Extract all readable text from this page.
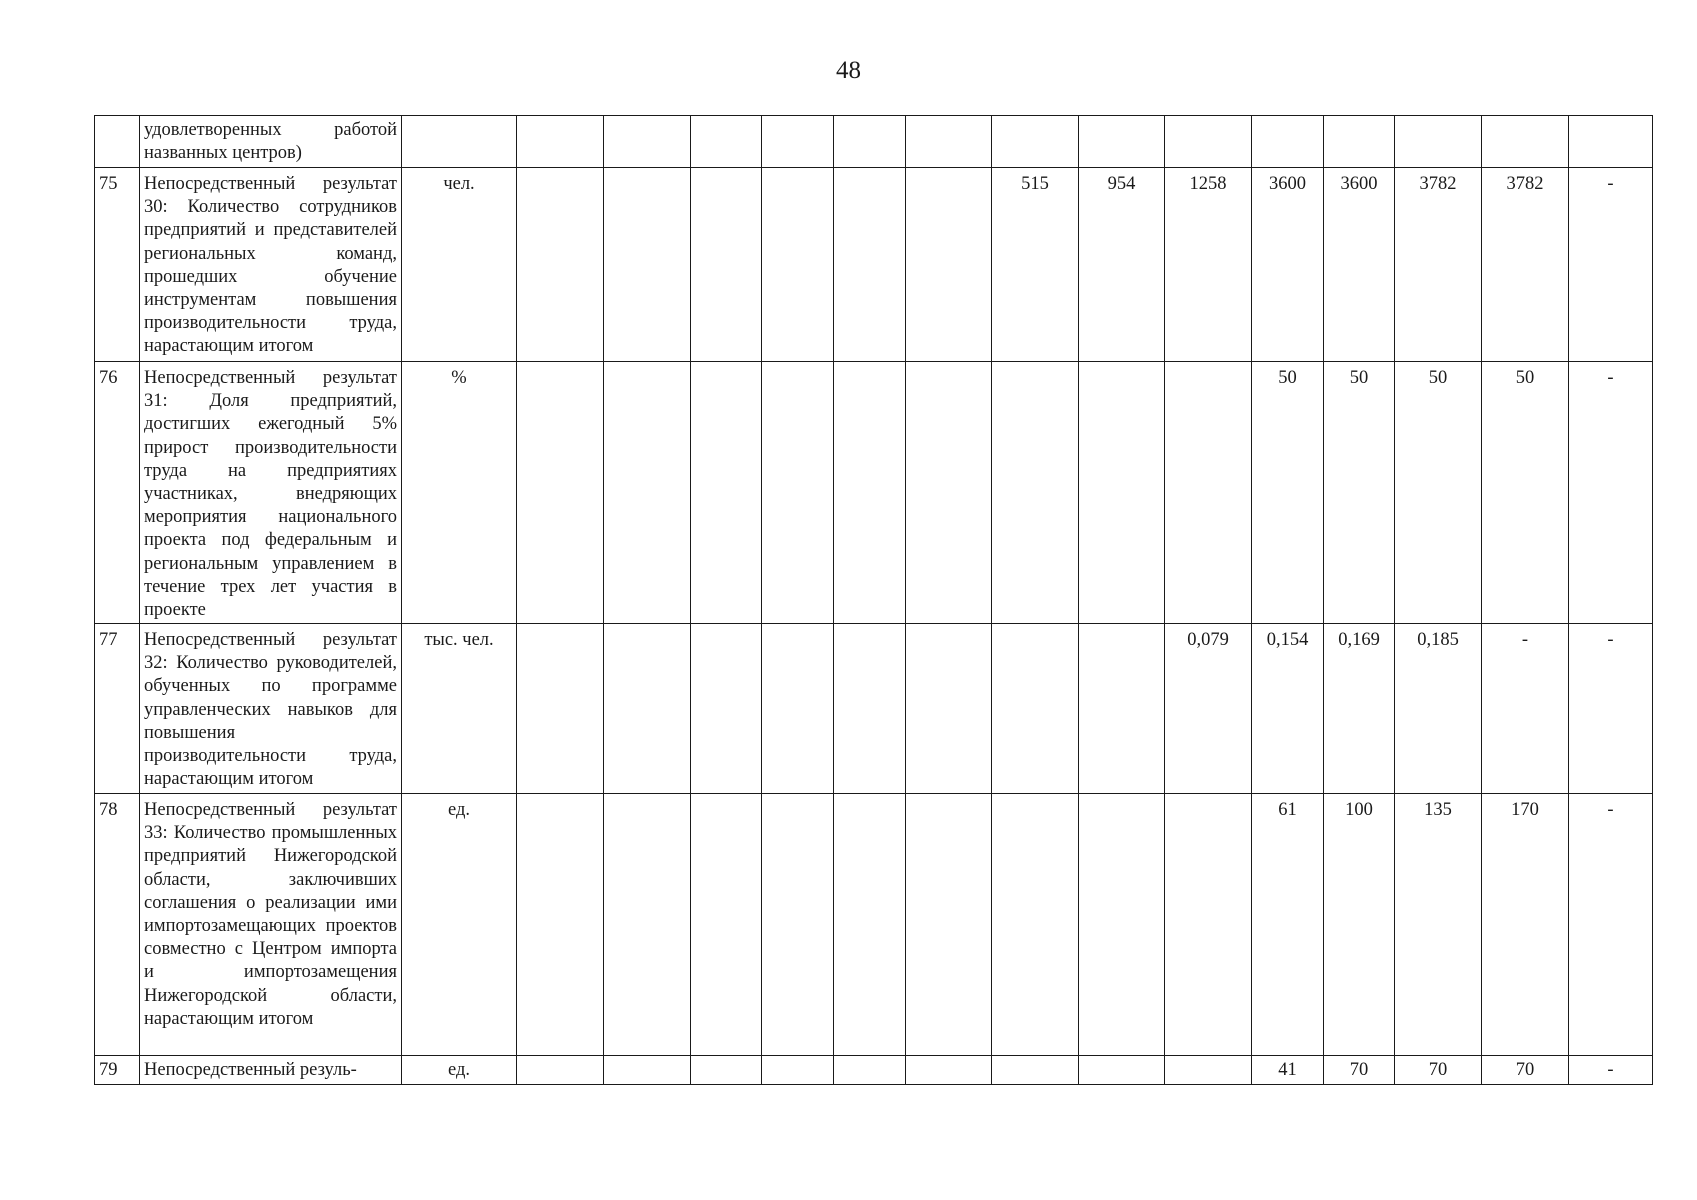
48
	удовлетворенных работой названных центров)															
75	Непосредственный результат 30: Количество сотрудников предприятий и представителей региональных команд, прошедших обучение инструментам повышения производительности труда, нарастающим итогом	чел.							515	954	1258	3600	3600	3782	3782	-
76	Непосредственный результат 31: Доля предприятий, достигших ежегодный 5% прирост производительности труда на предприятиях участниках, внедряющих мероприятия национального проекта под федеральным и региональным управлением в течение трех лет участия в проекте	%										50	50	50	50	-
77	Непосредственный результат 32: Количество руководителей, обученных по программе управленческих навыков для повышения производительности труда, нарастающим итогом	тыс. чел.									0,079	0,154	0,169	0,185	-	-
78	Непосредственный результат 33: Количество промышленных предприятий Нижегородской области, заключивших соглашения о реализации ими импортозамещающих проектов совместно с Центром импорта и импортозамещения Нижегородской области, нарастающим итогом	ед.										61	100	135	170	-
79	Непосредственный резуль-	ед.										41	70	70	70	-
